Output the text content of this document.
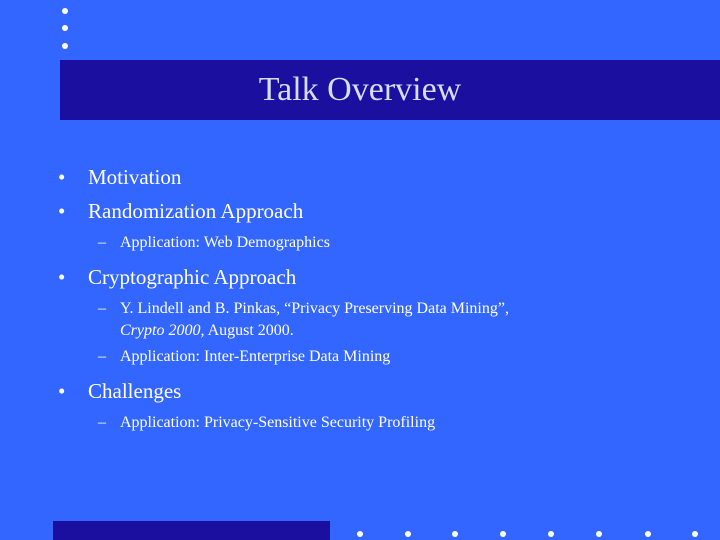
Talk Overview
• Motivation
• Randomization Approach
– Application: Web Demographics
• Cryptographic Approach
– Y. Lindell and B. Pinkas, “Privacy Preserving Data Mining”,
Crypto 2000, August 2000.
– Application: Inter-Enterprise Data Mining
• Challenges
– Application: Privacy-Sensitive Security Profiling
